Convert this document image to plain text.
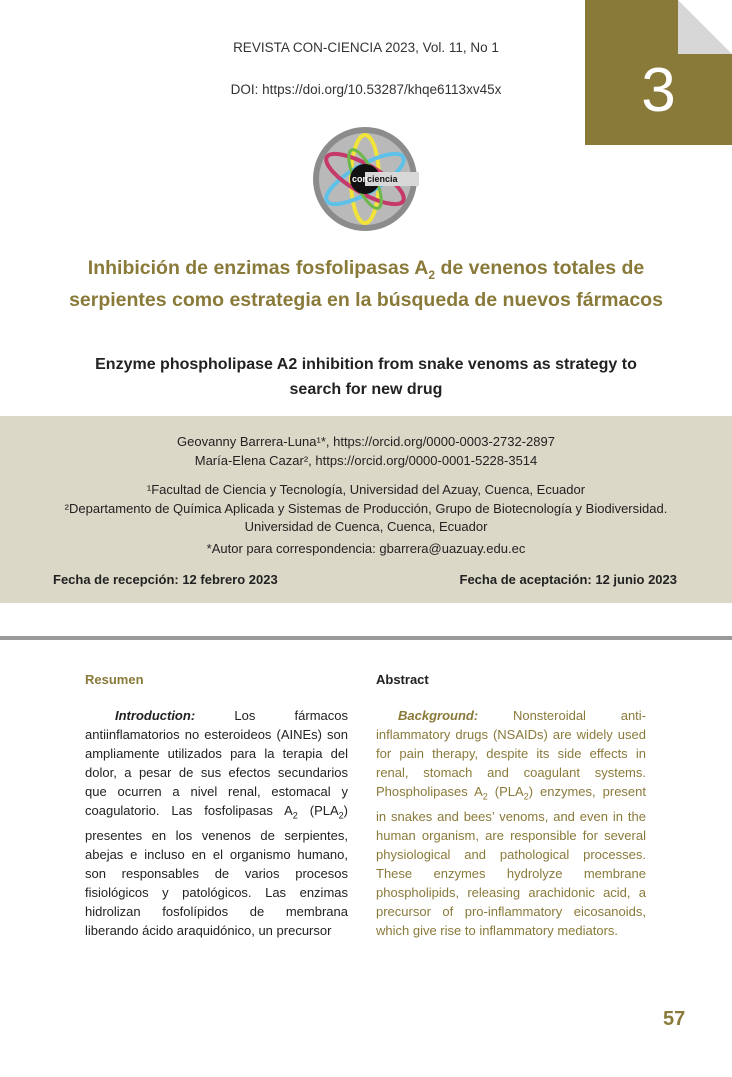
REVISTA CON-CIENCIA 2023, Vol. 11, No 1
DOI: https://doi.org/10.53287/khqe6113xv45x	3
con
ciencia
Inhibición de enzimas fosfolipasas $A_2$ de venenos totales de serpientes como estrategia en la búsqueda de nuevos fármacos
Enzyme phospholipase A2 inhibition from snake venoms as strategy to search for new drug
Geovanny Barrera-Luna¹*, https://orcid.org/0000-0003-2732-2897
María-Elena Cazar², https://orcid.org/0000-0001-5228-3514
¹Facultad de Ciencia y Tecnología, Universidad del Azuay, Cuenca, Ecuador
²Departamento de Química Aplicada y Sistemas de Producción, Grupo de Biotecnología y Biodiversidad. Universidad de Cuenca, Cuenca, Ecuador
*Autor para correspondencia: gbarrera@uazuay.edu.ec
Fecha de recepción: 12 febrero 2023	Fecha de aceptación: 12 junio 2023
Resumen	Abstract
Introduction: Los fármacos antiinflamatorios no esteroideos (AINEs) son ampliamente utilizados para la terapia del dolor, a pesar de sus efectos secundarios que ocurren a nivel renal, estomacal y coagulatorio. Las fosfolipasas $A_2$ $(PLA_2)$ presentes en los venenos de serpientes, abejas e incluso en el organismo humano, son responsables de varios procesos fisiológicos y patológicos. Las enzimas hidrolizan fosfolípidos de membrana liberando ácido araquidónico, un precursor
Background: Nonsteroidal anti-inflammatory drugs (NSAIDs) are widely used for pain therapy, despite its side effects in renal, stomach and coagulant systems. Phospholipases $A_2$ $(PLA_2)$ enzymes, present in snakes and bees’ venoms, and even in the human organism, are responsible for several physiological and pathological processes. These enzymes hydrolyze membrane phospholipids, releasing arachidonic acid, a precursor of pro-inflammatory eicosanoids, which give rise to inflammatory mediators.
57
